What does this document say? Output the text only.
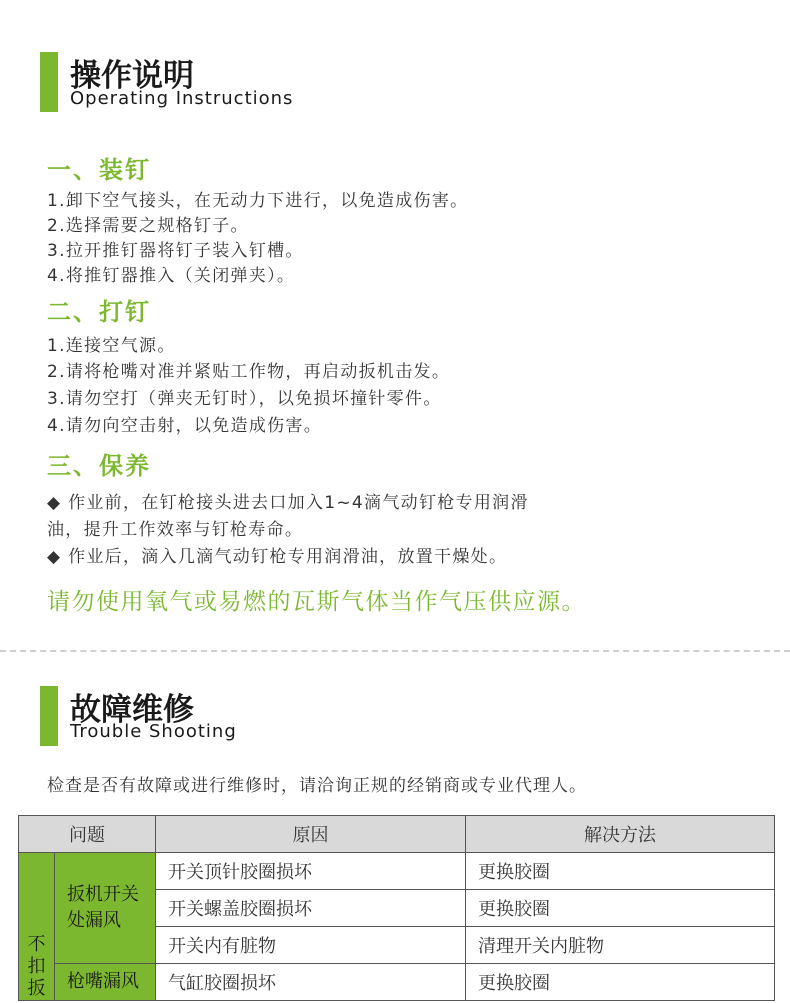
操作说明
Operating Instructions
一、装钉
1.卸下空气接头，在无动力下进行，以免造成伤害。
2.选择需要之规格钉子。
3.拉开推钉器将钉子装入钉槽。
4.将推钉器推入（关闭弹夹）。
二、打钉
1.连接空气源。
2.请将枪嘴对准并紧贴工作物，再启动扳机击发。
3.请勿空打（弹夹无钉时），以免损坏撞针零件。
4.请勿向空击射，以免造成伤害。
三、保养
◆ 作业前，在钉枪接头进去口加入1~4滴气动钉枪专用润滑
油，提升工作效率与钉枪寿命。
◆ 作业后，滴入几滴气动钉枪专用润滑油，放置干燥处。
请勿使用氧气或易燃的瓦斯气体当作气压供应源。
故障维修
Trouble Shooting
检查是否有故障或进行维修时，请洽询正规的经销商或专业代理人。
问题		原因	解决方法
不扣扳	扳机开关处漏风	开关顶针胶圈损坏	更换胶圈
		开关螺盖胶圈损坏	更换胶圈
		开关内有脏物	清理开关内脏物
	枪嘴漏风	气缸胶圈损坏	更换胶圈
